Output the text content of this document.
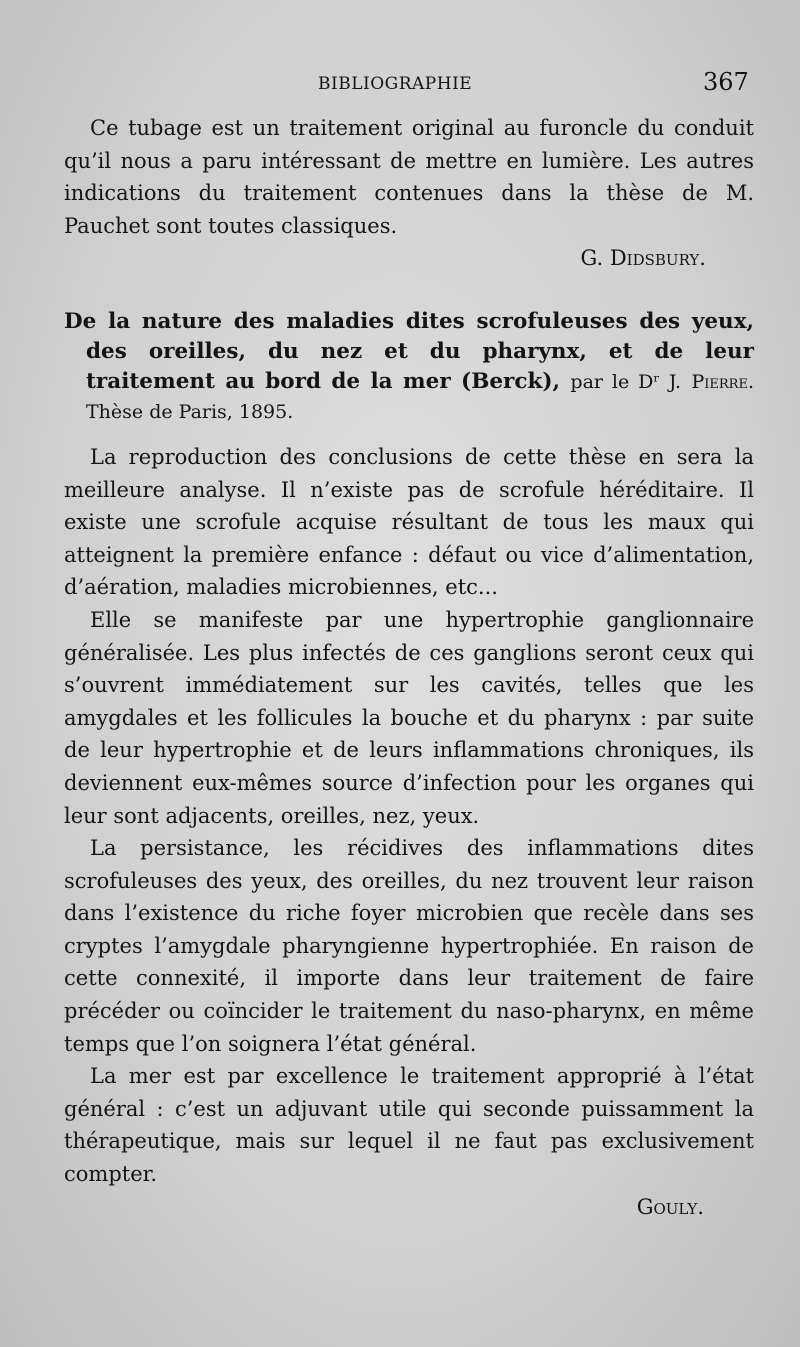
BIBLIOGRAPHIE	367

Ce tubage est un traitement original au furoncle du conduit qu’il nous a paru intéressant de mettre en lumière. Les autres indications du traitement contenues dans la thèse de M. Pauchet sont toutes classiques.

G. Didsbury.

De la nature des maladies dites scrofuleuses des yeux, des oreilles, du nez et du pharynx, et de leur traitement au bord de la mer (Berck), par le Dʳ J. Pierre. Thèse de Paris, 1895.

La reproduction des conclusions de cette thèse en sera la meilleure analyse. Il n’existe pas de scrofule héréditaire. Il existe une scrofule acquise résultant de tous les maux qui atteignent la première enfance : défaut ou vice d’alimentation, d’aération, maladies microbiennes, etc...

Elle se manifeste par une hypertrophie ganglionnaire généralisée. Les plus infectés de ces ganglions seront ceux qui s’ouvrent immédiatement sur les cavités, telles que les amygdales et les follicules la bouche et du pharynx : par suite de leur hypertrophie et de leurs inflammations chroniques, ils deviennent eux-mêmes source d’infection pour les organes qui leur sont adjacents, oreilles, nez, yeux.

La persistance, les récidives des inflammations dites scrofuleuses des yeux, des oreilles, du nez trouvent leur raison dans l’existence du riche foyer microbien que recèle dans ses cryptes l’amygdale pharyngienne hypertrophiée. En raison de cette connexité, il importe dans leur traitement de faire précéder ou coïncider le traitement du naso-pharynx, en même temps que l’on soignera l’état général.

La mer est par excellence le traitement approprié à l’état général : c’est un adjuvant utile qui seconde puissamment la thérapeutique, mais sur lequel il ne faut pas exclusivement compter.

Gouly.
